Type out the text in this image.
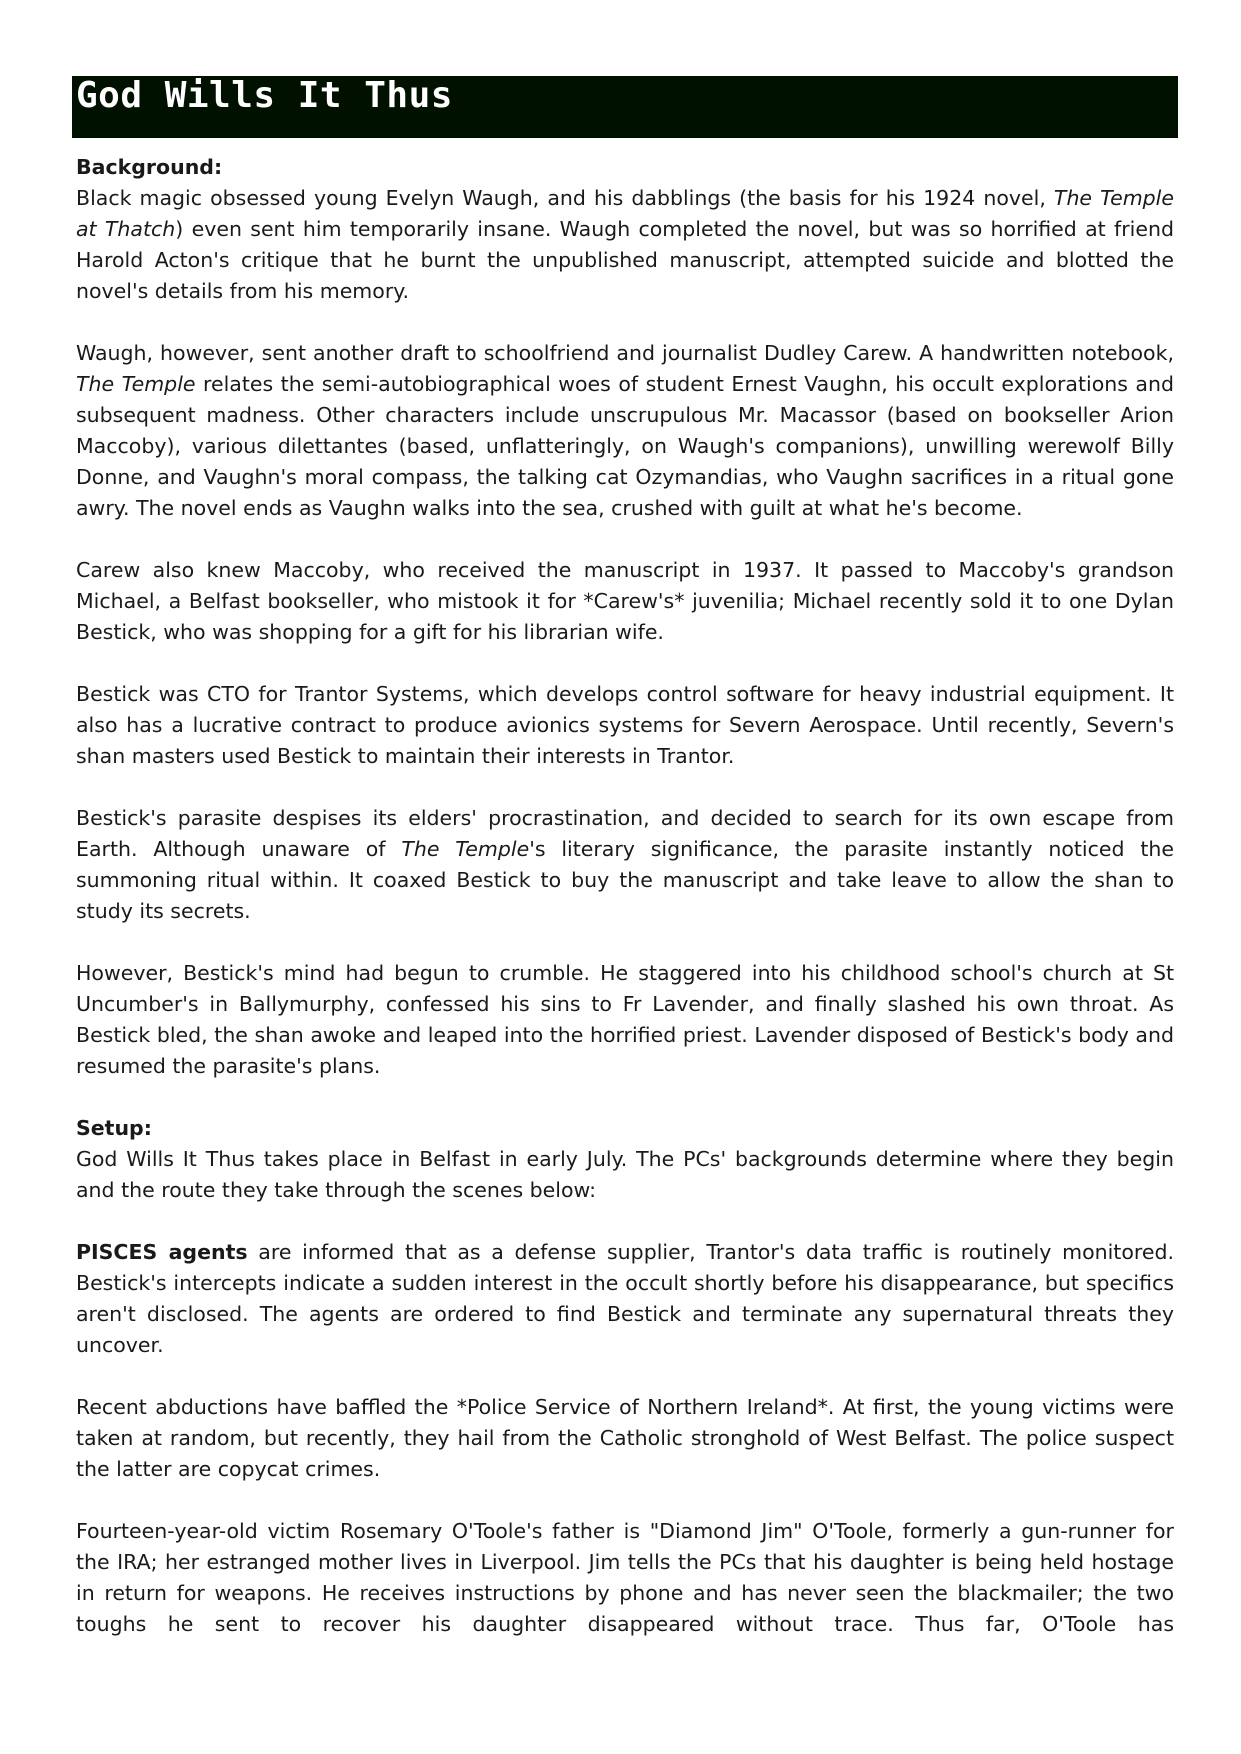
God Wills It Thus

Background:
Black magic obsessed young Evelyn Waugh, and his dabblings (the basis for his 1924 novel, The Temple at Thatch) even sent him temporarily insane. Waugh completed the novel, but was so horrified at friend Harold Acton's critique that he burnt the unpublished manuscript, attempted suicide and blotted the novel's details from his memory.

Waugh, however, sent another draft to schoolfriend and journalist Dudley Carew. A handwritten notebook, The Temple relates the semi-autobiographical woes of student Ernest Vaughn, his occult explorations and subsequent madness. Other characters include unscrupulous Mr. Macassor (based on bookseller Arion Maccoby), various dilettantes (based, unflatteringly, on Waugh's companions), unwilling werewolf Billy Donne, and Vaughn's moral compass, the talking cat Ozymandias, who Vaughn sacrifices in a ritual gone awry. The novel ends as Vaughn walks into the sea, crushed with guilt at what he's become.

Carew also knew Maccoby, who received the manuscript in 1937. It passed to Maccoby's grandson Michael, a Belfast bookseller, who mistook it for *Carew's* juvenilia; Michael recently sold it to one Dylan Bestick, who was shopping for a gift for his librarian wife.

Bestick was CTO for Trantor Systems, which develops control software for heavy industrial equipment. It also has a lucrative contract to produce avionics systems for Severn Aerospace. Until recently, Severn's shan masters used Bestick to maintain their interests in Trantor.

Bestick's parasite despises its elders' procrastination, and decided to search for its own escape from Earth. Although unaware of The Temple's literary significance, the parasite instantly noticed the summoning ritual within. It coaxed Bestick to buy the manuscript and take leave to allow the shan to study its secrets.

However, Bestick's mind had begun to crumble. He staggered into his childhood school's church at St Uncumber's in Ballymurphy, confessed his sins to Fr Lavender, and finally slashed his own throat. As Bestick bled, the shan awoke and leaped into the horrified priest. Lavender disposed of Bestick's body and resumed the parasite's plans.

Setup:
God Wills It Thus takes place in Belfast in early July. The PCs' backgrounds determine where they begin and the route they take through the scenes below:

PISCES agents are informed that as a defense supplier, Trantor's data traffic is routinely monitored. Bestick's intercepts indicate a sudden interest in the occult shortly before his disappearance, but specifics aren't disclosed. The agents are ordered to find Bestick and terminate any supernatural threats they uncover.

Recent abductions have baffled the *Police Service of Northern Ireland*. At first, the young victims were taken at random, but recently, they hail from the Catholic stronghold of West Belfast. The police suspect the latter are copycat crimes.

Fourteen-year-old victim Rosemary O'Toole's father is "Diamond Jim" O'Toole, formerly a gun-runner for the IRA; her estranged mother lives in Liverpool. Jim tells the PCs that his daughter is being held hostage in return for weapons. He receives instructions by phone and has never seen the blackmailer; the two toughs he sent to recover his daughter disappeared without trace. Thus far, O'Toole has
